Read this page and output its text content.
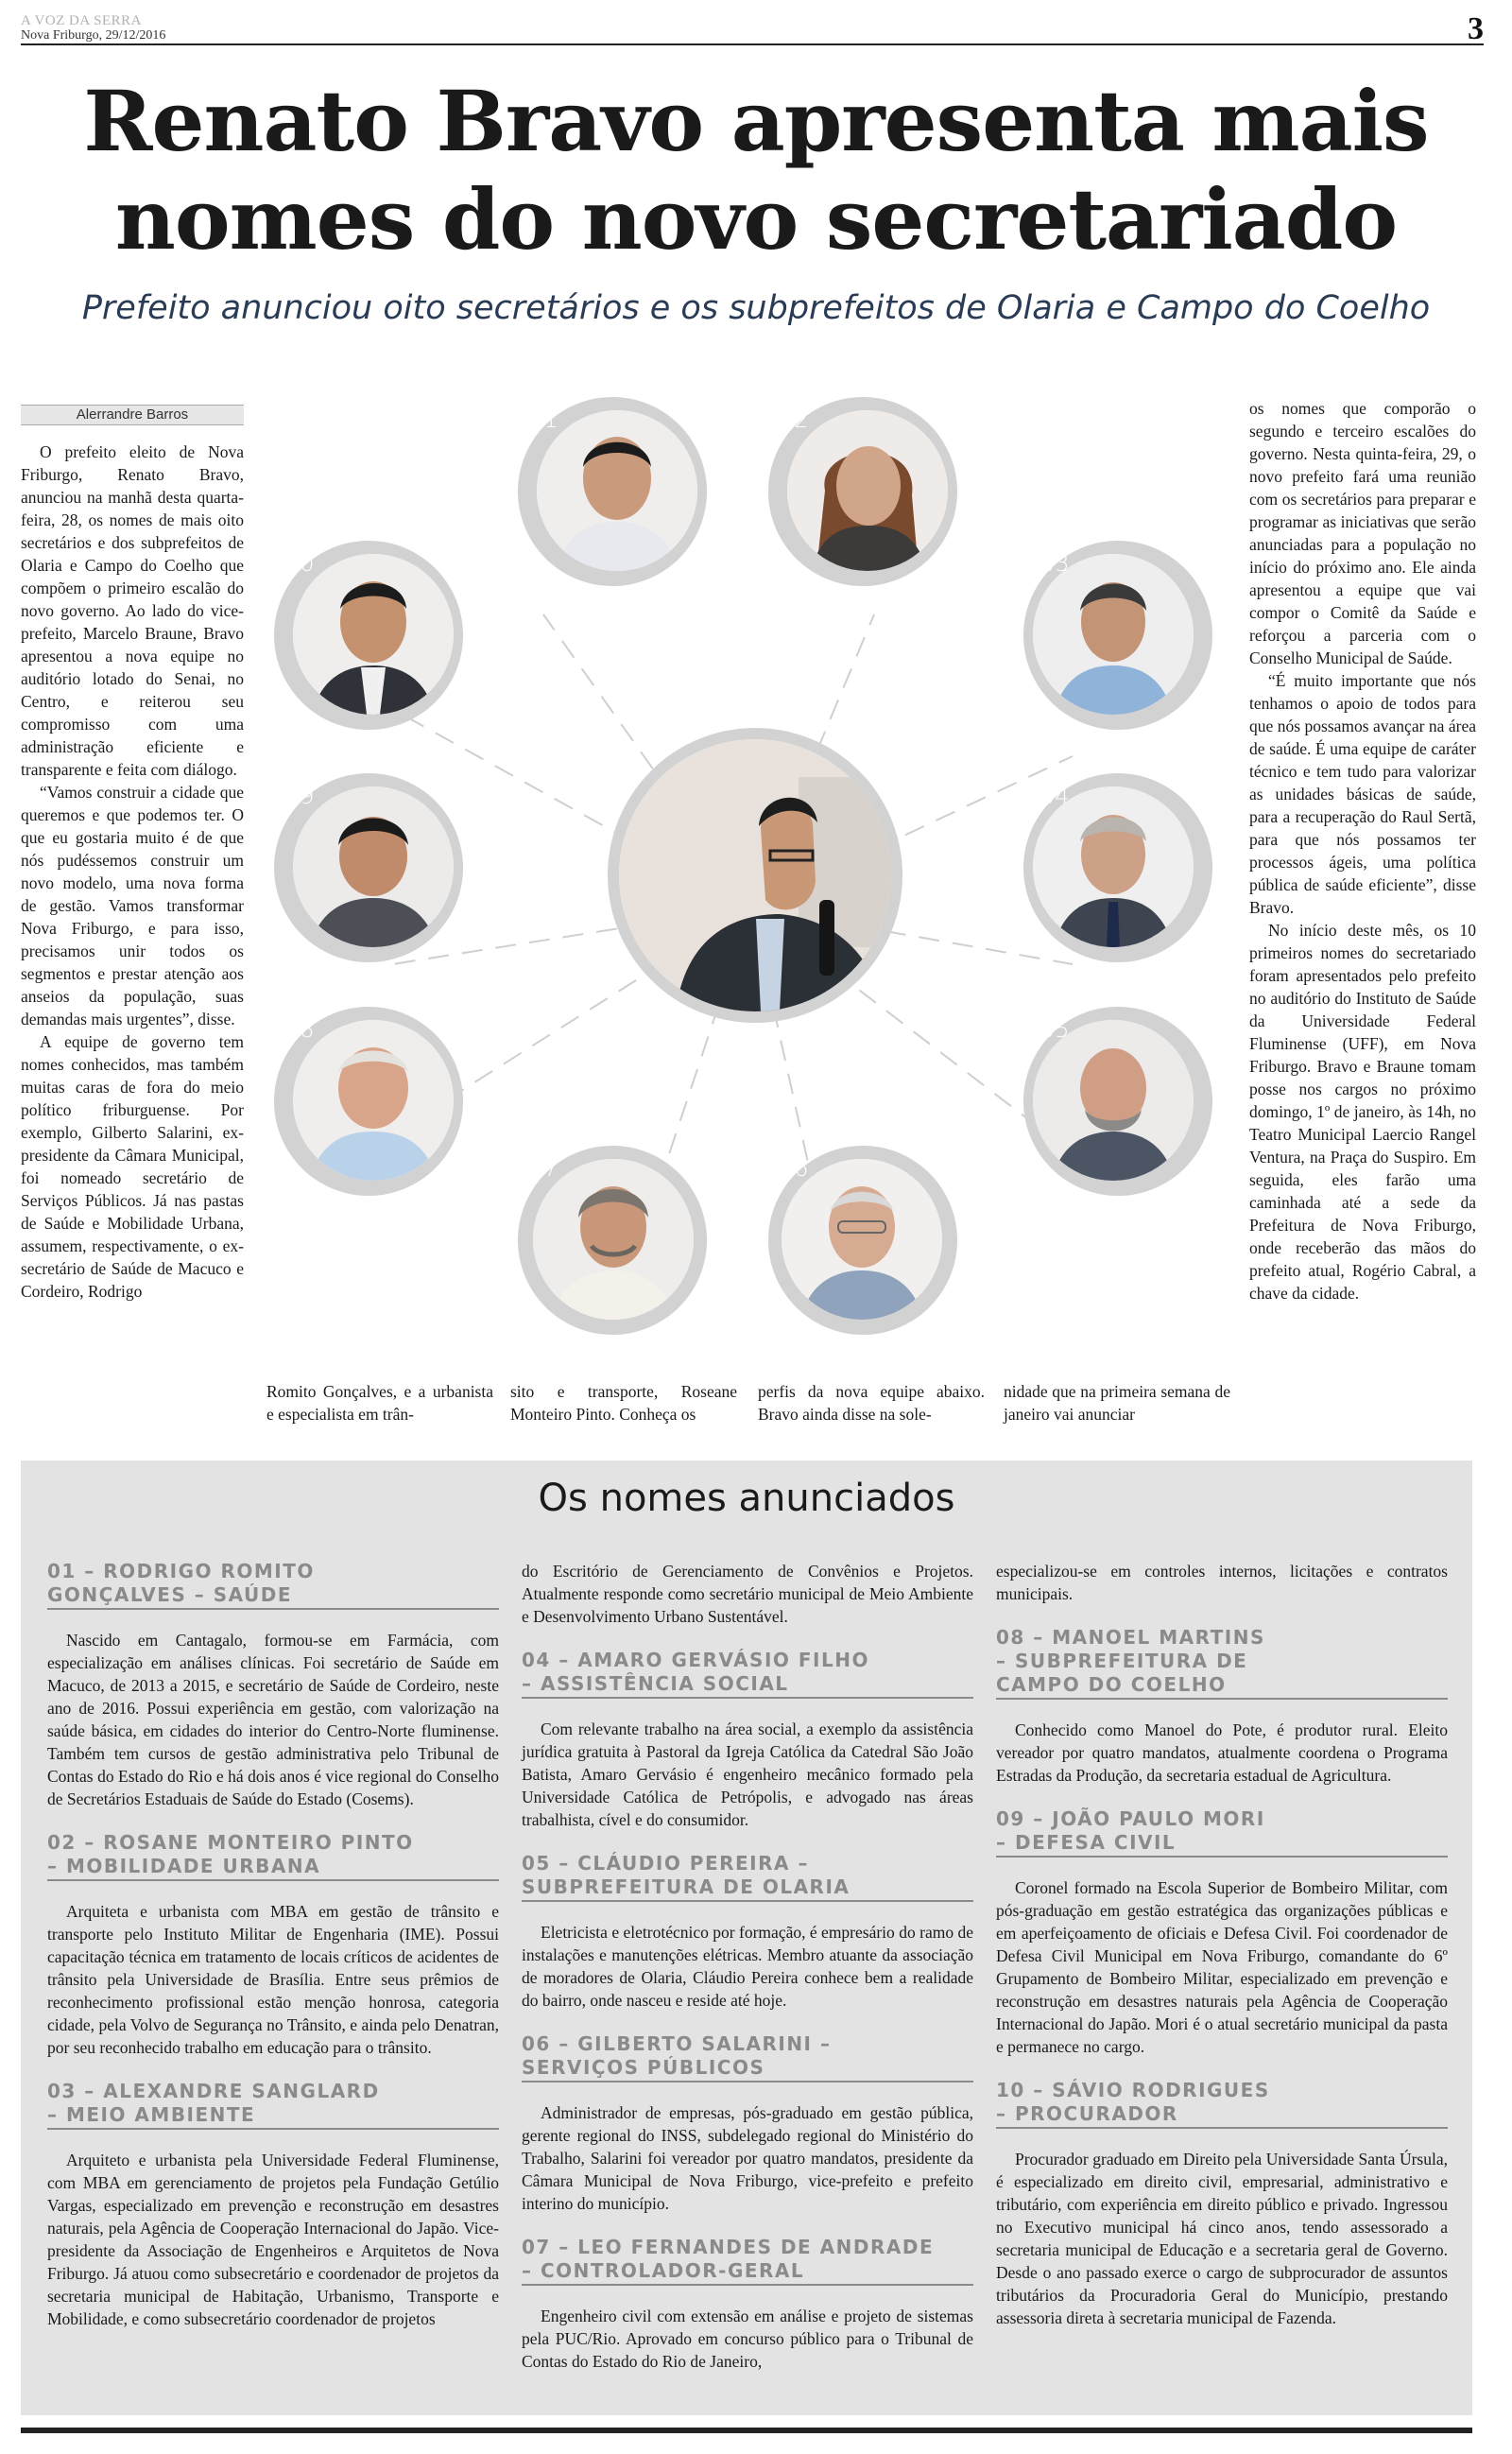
A VOZ DA SERRA
Nova Friburgo, 29/12/2016	3
Renato Bravo apresenta mais
nomes do novo secretariado
Prefeito anunciou oito secretários e os subprefeitos de Olaria e Campo do Coelho
Alerrandre Barros

O prefeito eleito de Nova Friburgo, Renato Bravo, anunciou na manhã desta quarta-feira, 28, os nomes de mais oito secretários e dos subprefeitos de Olaria e Campo do Coelho que compõem o primeiro escalão do novo governo. Ao lado do vice-prefeito, Marcelo Braune, Bravo apresentou a nova equipe no auditório lotado do Senai, no Centro, e reiterou seu compromisso com uma administração eficiente e transparente e feita com diálogo.

“Vamos construir a cidade que queremos e que podemos ter. O que eu gostaria muito é de que nós pudéssemos construir um novo modelo, uma nova forma de gestão. Vamos transformar Nova Friburgo, e para isso, precisamos unir todos os segmentos e prestar atenção aos anseios da população, suas demandas mais urgentes”, disse.

A equipe de governo tem nomes conhecidos, mas também muitas caras de fora do meio político friburguense. Por exemplo, Gilberto Salarini, ex-presidente da Câmara Municipal, foi nomeado secretário de Serviços Públicos. Já nas pastas de Saúde e Mobilidade Urbana, assumem, respectivamente, o ex-secretário de Saúde de Macuco e Cordeiro, Rodrigo

01	02
03
04
05
06
07
08
09
10
Romito Gonçalves, e a urbanista e especialista em trân-
sito e transporte, Roseane Monteiro Pinto. Conheça os
perfis da nova equipe abaixo. Bravo ainda disse na sole-
nidade que na primeira semana de janeiro vai anunciar

os nomes que comporão o segundo e terceiro escalões do governo. Nesta quinta-feira, 29, o novo prefeito fará uma reunião com os secretários para preparar e programar as iniciativas que serão anunciadas para a população no início do próximo ano. Ele ainda apresentou a equipe que vai compor o Comitê da Saúde e reforçou a parceria com o Conselho Municipal de Saúde.

“É muito importante que nós tenhamos o apoio de todos para que nós possamos avançar na área de saúde. É uma equipe de caráter técnico e tem tudo para valorizar as unidades básicas de saúde, para a recuperação do Raul Sertã, para que nós possamos ter processos ágeis, uma política pública de saúde eficiente”, disse Bravo.

No início deste mês, os 10 primeiros nomes do secretariado foram apresentados pelo prefeito no auditório do Instituto de Saúde da Universidade Federal Fluminense (UFF), em Nova Friburgo. Bravo e Braune tomam posse nos cargos no próximo domingo, 1º de janeiro, às 14h, no Teatro Municipal Laercio Rangel Ventura, na Praça do Suspiro. Em seguida, eles farão uma caminhada até a sede da Prefeitura de Nova Friburgo, onde receberão das mãos do prefeito atual, Rogério Cabral, a chave da cidade.

Os nomes anunciados
01 – RODRIGO ROMITO
GONÇALVES – SAÚDE

Nascido em Cantagalo, formou-se em Farmácia, com especialização em análises clínicas. Foi secretário de Saúde em Macuco, de 2013 a 2015, e secretário de Saúde de Cordeiro, neste ano de 2016. Possui experiência em gestão, com valorização na saúde básica, em cidades do interior do Centro-Norte fluminense. Também tem cursos de gestão administrativa pelo Tribunal de Contas do Estado do Rio e há dois anos é vice regional do Conselho de Secretários Estaduais de Saúde do Estado (Cosems).

02 – ROSANE MONTEIRO PINTO
– MOBILIDADE URBANA

Arquiteta e urbanista com MBA em gestão de trânsito e transporte pelo Instituto Militar de Engenharia (IME). Possui capacitação técnica em tratamento de locais críticos de acidentes de trânsito pela Universidade de Brasília. Entre seus prêmios de reconhecimento profissional estão menção honrosa, categoria cidade, pela Volvo de Segurança no Trânsito, e ainda pelo Denatran, por seu reconhecido trabalho em educação para o trânsito.

03 – ALEXANDRE SANGLARD
– MEIO AMBIENTE

Arquiteto e urbanista pela Universidade Federal Fluminense, com MBA em gerenciamento de projetos pela Fundação Getúlio Vargas, especializado em prevenção e reconstrução em desastres naturais, pela Agência de Cooperação Internacional do Japão. Vice-presidente da Associação de Engenheiros e Arquitetos de Nova Friburgo. Já atuou como subsecretário e coordenador de projetos da secretaria municipal de Habitação, Urbanismo, Transporte e Mobilidade, e como subsecretário coordenador de projetos

do Escritório de Gerenciamento de Convênios e Projetos. Atualmente responde como secretário municipal de Meio Ambiente e Desenvolvimento Urbano Sustentável.

04 – AMARO GERVÁSIO FILHO
– ASSISTÊNCIA SOCIAL

Com relevante trabalho na área social, a exemplo da assistência jurídica gratuita à Pastoral da Igreja Católica da Catedral São João Batista, Amaro Gervásio é engenheiro mecânico formado pela Universidade Católica de Petrópolis, e advogado nas áreas trabalhista, cível e do consumidor.

05 – CLÁUDIO PEREIRA –
SUBPREFEITURA DE OLARIA

Eletricista e eletrotécnico por formação, é empresário do ramo de instalações e manutenções elétricas. Membro atuante da associação de moradores de Olaria, Cláudio Pereira conhece bem a realidade do bairro, onde nasceu e reside até hoje.

06 – GILBERTO SALARINI –
SERVIÇOS PÚBLICOS

Administrador de empresas, pós-graduado em gestão pública, gerente regional do INSS, subdelegado regional do Ministério do Trabalho, Salarini foi vereador por quatro mandatos, presidente da Câmara Municipal de Nova Friburgo, vice-prefeito e prefeito interino do município.

07 – LEO FERNANDES DE ANDRADE
– CONTROLADOR-GERAL

Engenheiro civil com extensão em análise e projeto de sistemas pela PUC/Rio. Aprovado em concurso público para o Tribunal de Contas do Estado do Rio de Janeiro,

especializou-se em controles internos, licitações e contratos municipais.

08 – MANOEL MARTINS
– SUBPREFEITURA DE
CAMPO DO COELHO

Conhecido como Manoel do Pote, é produtor rural. Eleito vereador por quatro mandatos, atualmente coordena o Programa Estradas da Produção, da secretaria estadual de Agricultura.

09 – JOÃO PAULO MORI
– DEFESA CIVIL

Coronel formado na Escola Superior de Bombeiro Militar, com pós-graduação em gestão estratégica das organizações públicas e em aperfeiçoamento de oficiais e Defesa Civil. Foi coordenador de Defesa Civil Municipal em Nova Friburgo, comandante do 6º Grupamento de Bombeiro Militar, especializado em prevenção e reconstrução em desastres naturais pela Agência de Cooperação Internacional do Japão. Mori é o atual secretário municipal da pasta e permanece no cargo.

10 – SÁVIO RODRIGUES
– PROCURADOR

Procurador graduado em Direito pela Universidade Santa Úrsula, é especializado em direito civil, empresarial, administrativo e tributário, com experiência em direito público e privado. Ingressou no Executivo municipal há cinco anos, tendo assessorado a secretaria municipal de Educação e a secretaria geral de Governo. Desde o ano passado exerce o cargo de subprocurador de assuntos tributários da Procuradoria Geral do Município, prestando assessoria direta à secretaria municipal de Fazenda.
